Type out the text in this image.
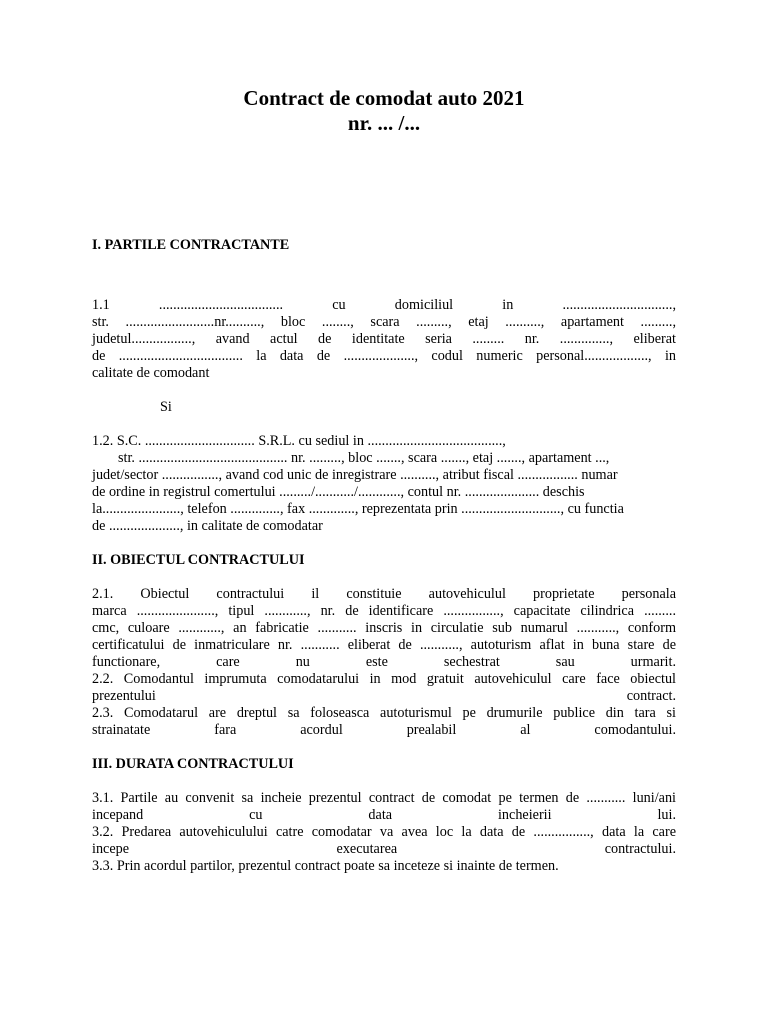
Contract de comodat auto 2021
nr. ... /...

I. PARTILE CONTRACTANTE

1.1 ................................... cu domiciliul in ...............................,

str. .........................nr.........., bloc ........, scara ........., etaj .........., apartament .........,

judetul................., avand actul de identitate seria ......... nr. .............., eliberat

de ................................... la data de ...................., codul numeric personal.................., in

calitate de comodant

Si

1.2. S.C. ............................... S.R.L. cu sediul in ......................................,

str. .......................................... nr. ........., bloc ......., scara ......., etaj ......., apartament ...,

judet/sector ................, avand cod unic de inregistrare .........., atribut fiscal ................. numar

de ordine in registrul comertului ........./.........../............, contul nr. ..................... deschis

la......................, telefon .............., fax ............., reprezentata prin ............................, cu functia

de ...................., in calitate de comodatar

II. OBIECTUL CONTRACTULUI

2.1. Obiectul contractului il constituie autovehiculul proprietate personala

marca ......................, tipul ............, nr. de identificare ................, capacitate cilindrica .........

cmc, culoare ............, an fabricatie ........... inscris in circulatie sub numarul ..........., conform

certificatului de inmatriculare nr. ........... eliberat de ..........., autoturism aflat in buna stare de

functionare, care nu este sechestrat sau urmarit.

2.2. Comodantul imprumuta comodatarului in mod gratuit autovehiculul care face obiectul

prezentului contract.

2.3. Comodatarul are dreptul sa foloseasca autoturismul pe drumurile publice din tara si

strainatate fara acordul prealabil al comodantului.

III. DURATA CONTRACTULUI

3.1. Partile au convenit sa incheie prezentul contract de comodat pe termen de ........... luni/ani

incepand cu data incheierii lui.

3.2. Predarea autovehiculului catre comodatar va avea loc la data de ................, data la care

incepe executarea contractului.

3.3. Prin acordul partilor, prezentul contract poate sa inceteze si inainte de termen.
